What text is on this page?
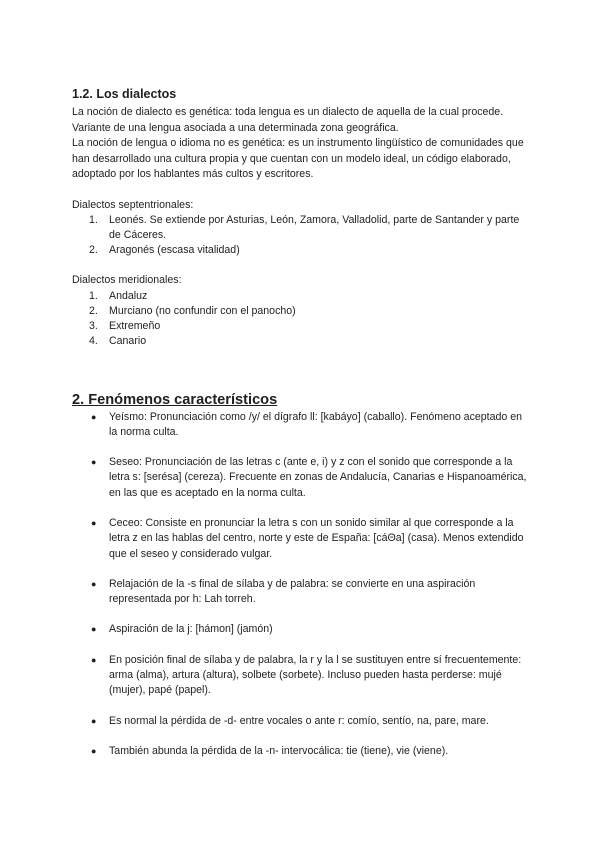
1.2. Los dialectos

La noción de dialecto es genética: toda lengua es un dialecto de aquella de la cual procede.

Variante de una lengua asociada a una determinada zona geográfica.

La noción de lengua o idioma no es genética: es un instrumento lingüístico de comunidades que han desarrollado una cultura propia y que cuentan con un modelo ideal, un código elaborado, adoptado por los hablantes más cultos y escritores.

Dialectos septentrionales:

1. Leonés. Se extiende por Asturias, León, Zamora, Valladolid, parte de Santander y parte de Cáceres.
2. Aragonés (escasa vitalidad)

Dialectos meridionales:

1. Andaluz
2. Murciano (no confundir con el panocho)
3. Extremeño
4. Canario
2. Fenómenos característicos
● Yeísmo: Pronunciación como /y/ el dígrafo ll: [kabáyo] (caballo). Fenómeno aceptado en la norma culta.
● Seseo: Pronunciación de las letras c (ante e, i) y z con el sonido que corresponde a la letra s: [serésa] (cereza). Frecuente en zonas de Andalucía, Canarias e Hispanoamérica, en las que es aceptado en la norma culta.
● Ceceo: Consiste en pronunciar la letra s con un sonido similar al que corresponde a la letra z en las hablas del centro, norte y este de España: [cáΘa] (casa). Menos extendido que el seseo y considerado vulgar.
● Relajación de la -s final de sílaba y de palabra: se convierte en una aspiración representada por h: Lah torreh.
● Aspiración de la j: [hámon] (jamón)
● En posición final de sílaba y de palabra, la r y la l se sustituyen entre sí frecuentemente: arma (alma), artura (altura), solbete (sorbete). Incluso pueden hasta perderse: mujé (mujer), papé (papel).
● Es normal la pérdida de -d- entre vocales o ante r: comío, sentío, na, pare, mare.
● También abunda la pérdida de la -n- intervocálica: tie (tiene), vie (viene).
